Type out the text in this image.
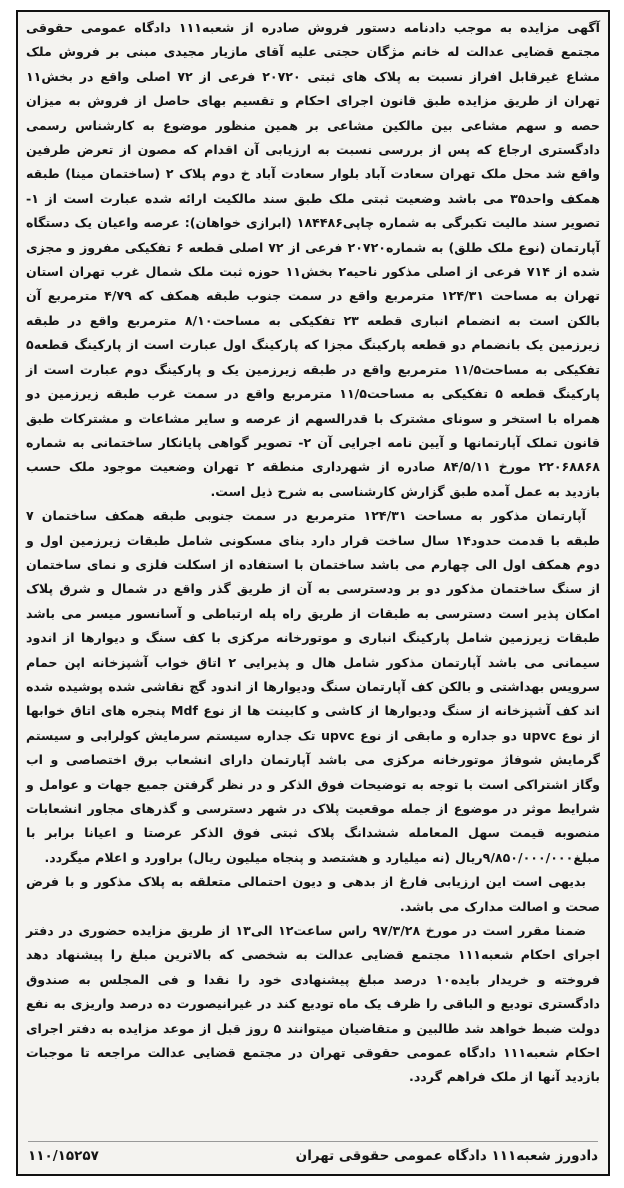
آگهی مزایده به موجب دادنامه دستور فروش صادره از شعبه۱۱۱ دادگاه عمومی حقوقی مجتمع قضایی عدالت له خانم مژگان حجتی علیه آقای مازیار مجیدی مبنی بر فروش ملک مشاع غیرقابل افراز نسبت به پلاک های ثبتی ۲۰۷۲۰ فرعی از ۷۲ اصلی واقع در بخش۱۱ تهران از طریق مزایده طبق قانون اجرای احکام و تقسیم بهای حاصل از فروش به میزان حصه و سهم مشاعی بین مالکین مشاعی بر همین منظور موضوع به کارشناس رسمی دادگستری ارجاع که پس از بررسی نسبت به ارزیابی آن اقدام که مصون از تعرض طرفین واقع شد محل ملک تهران سعادت آباد بلوار سعادت آباد خ دوم پلاک ۲ (ساختمان مینا) طبقه همکف واحد۳۵ می باشد وضعیت ثبتی ملک طبق سند مالکیت ارائه شده عبارت است از ۱-تصویر سند مالیت تکبرگی به شماره چاپی۱۸۴۴۸۶ (ابرازی خواهان): عرصه واعیان یک دستگاه آپارتمان (نوع ملک طلق) به شماره۲۰۷۲۰ فرعی از ۷۲ اصلی قطعه ۶ تفکیکی مفروز و مجزی شده از ۷۱۴ فرعی از اصلی مذکور ناحیه۲ بخش۱۱ حوزه ثبت ملک شمال غرب تهران استان تهران به مساحت ۱۲۴/۳۱ مترمربع واقع در سمت جنوب طبقه همکف که ۴/۷۹ مترمربع آن بالکن است به انضمام انباری قطعه ۲۳ تفکیکی به مساحت۸/۱۰ مترمربع واقع در طبقه زیرزمین یک بانضمام دو قطعه پارکینگ مجزا که پارکینگ اول عبارت است از پارکینگ قطعه۵ تفکیکی به مساحت۱۱/۵ مترمربع واقع در طبقه زیرزمین یک و پارکینگ دوم عبارت است از پارکینگ قطعه ۵ تفکیکی به مساحت۱۱/۵ مترمربع واقع در سمت غرب طبقه زیرزمین دو همراه با استخر و سونای مشترک با قدرالسهم از عرصه و سایر مشاعات و مشترکات طبق قانون تملک آپارتمانها و آیین نامه اجرایی آن ۲- تصویر گواهی پایانکار ساختمانی به شماره ۲۲۰۶۸۸۶۸ مورخ ۸۴/۵/۱۱ صادره از شهرداری منطقه ۲ تهران وضعیت موجود ملک حسب بازدید به عمل آمده طبق گزارش کارشناسی به شرح ذیل است.

آپارتمان مذکور به مساحت ۱۲۴/۳۱ مترمربع در سمت جنوبی طبقه همکف ساختمان ۷ طبقه با قدمت حدود۱۴ سال ساخت قرار دارد بنای مسکونی شامل طبقات زیرزمین اول و دوم همکف اول الی چهارم می باشد ساختمان با استفاده از اسکلت فلزی و نمای ساختمان از سنگ ساختمان مذکور دو بر ودسترسی به آن از طریق گذر واقع در شمال و شرق پلاک امکان پذیر است دسترسی به طبقات از طریق راه پله ارتباطی و آسانسور میسر می باشد طبقات زیرزمین شامل پارکینگ انباری و موتورخانه مرکزی با کف سنگ و دیوارها از اندود سیمانی می باشد آپارتمان مذکور شامل هال و پذیرایی ۲ اتاق خواب آشپزخانه اپن حمام سرویس بهداشتی و بالکن کف آپارتمان سنگ ودیوارها از اندود گچ نقاشی شده پوشیده شده اند کف آشپزخانه از سنگ ودیوارها از کاشی و کابینت ها از نوع Mdf پنجره های اتاق خوابها از نوع upvc دو جداره و مابقی از نوع upvc تک جداره سیستم سرمایش کولرابی و سیستم گرمایش شوفاژ موتورخانه مرکزی می باشد آپارتمان دارای انشعاب برق اختصاصی و اب وگاز اشتراکی است با توجه به توضیحات فوق الذکر و در نظر گرفتن جمیع جهات و عوامل و شرایط موثر در موضوع از جمله موقعیت پلاک در شهر دسترسی و گذرهای مجاور انشعابات منصوبه قیمت سهل المعامله ششدانگ پلاک ثبتی فوق الذکر عرصتا و اعیانا برابر با مبلغ۹/۸۵۰/۰۰۰/۰۰۰ریال (نه میلیارد و هشتصد و پنجاه میلیون ریال) براورد و اعلام میگردد.

بدیهی است این ارزیابی فارغ از بدهی و دیون احتمالی متعلقه به پلاک مذکور و با فرض صحت و اصالت مدارک می باشد.

ضمنا مقرر است در مورخ ۹۷/۳/۲۸ راس ساعت۱۲ الی۱۳ از طریق مزایده حضوری در دفتر اجرای احکام شعبه۱۱۱ مجتمع قضایی عدالت به شخصی که بالاترین مبلغ را پیشنهاد دهد فروخته و خریدار بایده۱۰ درصد مبلغ پیشنهادی خود را نقدا و فی المجلس به صندوق دادگستری تودیع و الباقی را ظرف یک ماه تودیع کند در غیرانیصورت ده درصد واریزی به نفع دولت ضبط خواهد شد طالبین و متقاضیان میتوانند ۵ روز قبل از موعد مزایده به دفتر اجرای احکام شعبه۱۱۱ دادگاه عمومی حقوقی تهران در مجتمع قضایی عدالت مراجعه تا موجبات بازدید آنها از ملک فراهم گردد.

دادورز شعبه۱۱۱ دادگاه عمومی حقوقی تهران
۱۱۰/۱۵۲۵۷
